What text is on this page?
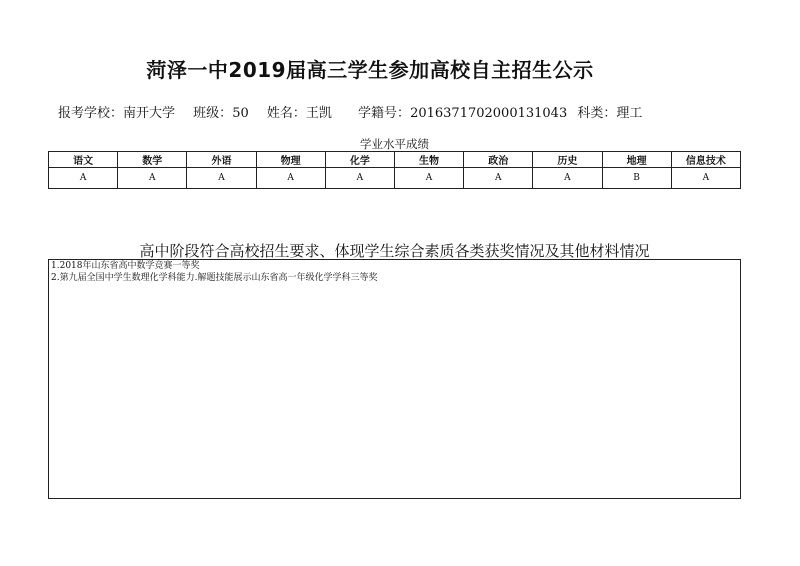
菏泽一中2019届高三学生参加高校自主招生公示
报考学校：南开大学 班级：50 姓名：王凯 学籍号：20163717020001310​43 科类：理工
学业水平成绩
语文	数学	外语	物理	化学	生物	政治	历史	地理	信息技术
A	A	A	A	A	A	A	A	B	A
高中阶段符合高校招生要求、体现学生综合素质各类获奖情况及其他材料情况
1.2018年山东省高中数学竞赛一等奖
2.第九届全国中学生数理化学科能力.解题技能展示山东省高一年级化学学科三等奖
